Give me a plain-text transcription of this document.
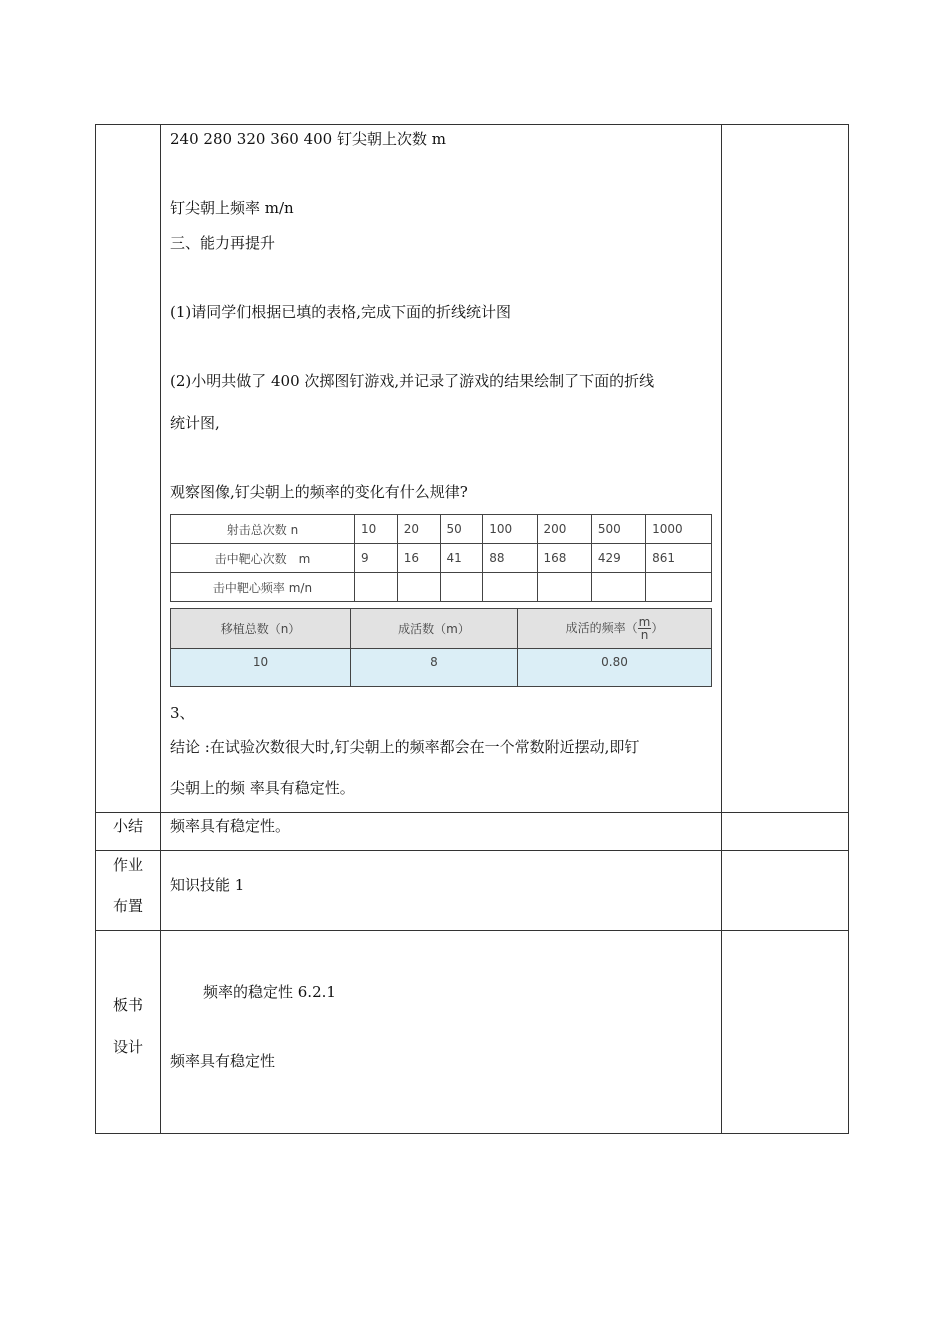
240 280 320 360 400 钉尖朝上次数 m
钉尖朝上频率 m/n
三、能力再提升
(1)请同学们根据已填的表格,完成下面的折线统计图
(2)小明共做了 400 次掷图钉游戏,并记录了游戏的结果绘制了下面的折线
统计图,
观察图像,钉尖朝上的频率的变化有什么规律?
射击总次数 n	10	20	50	100	200	500	1000
击中靶心次数　m	9	16	41	88	168	429	861
击中靶心频率 m/n							
移植总数（n）	成活数（m）	成活的频率（ $\frac{m}{n}$ ）
10	8	0.80
3、
结论 :在试验次数很大时,钉尖朝上的频率都会在一个常数附近摆动,即钉
尖朝上的频 率具有稳定性。
小结	频率具有稳定性。
作业
布置
知识技能 1
板书
设计
频率的稳定性 6.2.1
频率具有稳定性
